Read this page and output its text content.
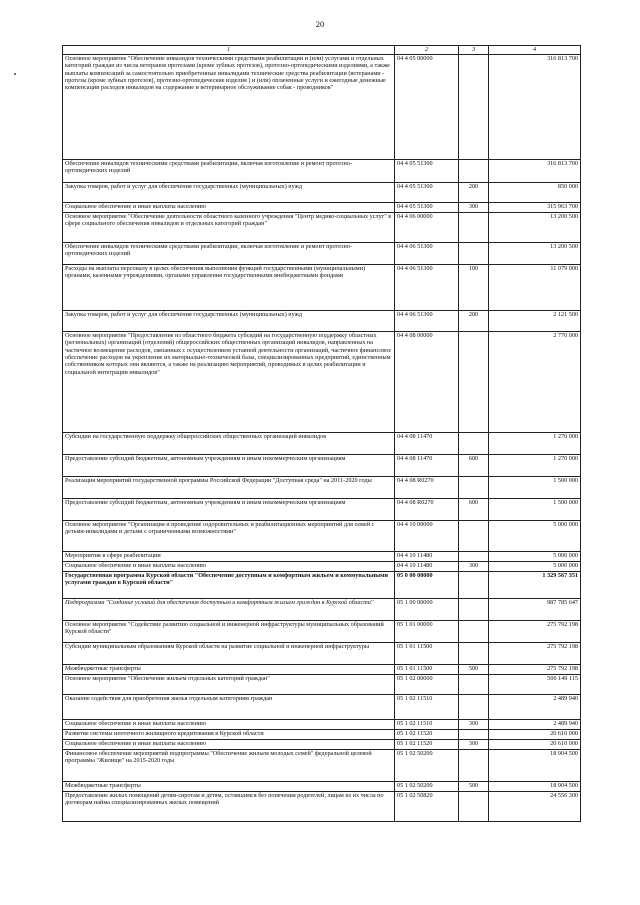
20
1	2	3	4
Основное мероприятие "Обеспечение инвалидов техническими средствами реабилитации и (или) услугами и отдельных категорий граждан из числа ветеранов протезами (кроме зубных протезов), протезно-ортопедическими изделиями, а также выплаты компенсаций за самостоятельно приобретенные инвалидами технические средства реабилитации (ветеранами - протезы (кроме зубных протезов), протезно-ортопедические изделия ) и (или) оплаченные услуги и ежегодные денежные компенсации расходов инвалидов на содержание и ветеринарное обслуживание собак - проводников"	04 4 05 00000		316 813 700
Обеспечение инвалидов техническими средствами реабилитации, включая изготовление и ремонт протезно-ортопедических изделий	04 4 05 51300		316 813 700
Закупка товаров, работ и услуг для обеспечения государственных (муниципальных) нужд	04 4 05 51300	200	850 000
Социальное обеспечение и иные выплаты населению	04 4 05 51300	300	315 963 700
Основное мероприятие "Обеспечение деятельности областного казенного учреждения "Центр медико-социальных услуг" в сфере социального обеспечения инвалидов и отдельных категорий граждан"	04 4 06 00000		13 200 500
Обеспечение инвалидов техническими средствами реабилитации, включая изготовление и ремонт протезно-ортопедических изделий	04 4 06 51300		13 200 500
Расходы на выплаты персоналу в целях обеспечения выполнения функций государственными (муниципальными) органами, казенными учреждениями, органами управления государственными внебюджетными фондами	04 4 06 51300	100	11 079 000
Закупка товаров, работ и услуг для обеспечения государственных (муниципальных) нужд	04 4 06 51300	200	2 121 500
Основное мероприятие "Предоставление из областного бюджета субсидий на государственную поддержку областных (региональных) организаций (отделений) общероссийских общественных организаций инвалидов, направленных на частичное возмещение расходов, связанных с осуществлением уставной деятельности организаций, частичное финансовое обеспечение расходов на укрепление их материально-технической базы, специализированных предприятий, единственным собственником которых они являются, а также на реализацию мероприятий, проводимых в целях реабилитации и социальной интеграции инвалидов"	04 4 08 00000		2 770 000
Субсидии на государственную поддержку общероссийских общественных организаций инвалидов	04 4 08 11470		1 270 000
Предоставление субсидий бюджетным, автономным учреждениям и иным некоммерческим организациям	04 4 08 11470	600	1 270 000
Реализация мероприятий государственной программы Российской Федерации "Доступная среда" на 2011-2020 годы	04 4 08 R0270		1 500 000
Предоставление субсидий бюджетным, автономным учреждениям и иным некоммерческим организациям	04 4 08 R0270	600	1 500 000
Основное мероприятие "Организация и проведение оздоровительных и реабилитационных мероприятий для семей с детьми-инвалидами и детьми с ограниченными возможностями"	04 4 10 00000		5 000 000
Мероприятия в сфере реабилитации	04 4 10 11480		5 000 000
Социальное обеспечение и иные выплаты населению	04 4 10 11480	300	5 000 000
Государственная программа Курской области "Обеспечение доступным и комфортным жильем и коммунальными услугами граждан в Курской области"	05 0 00 00000		1 329 567 351
Подпрограмма "Создание условий для обеспечения доступным и комфортным жильем граждан в Курской области"	05 1 00 00000		987 785 647
Основное мероприятие "Содействие развитию социальной и инженерной инфраструктуры муниципальных образований Курской области"	05 1 01 00000		275 792 198
Субсидии муниципальным образованиям Курской области на развитие социальной и инженерной инфраструктуры	05 1 01 11500		275 792 198
Межбюджетные трансферты	05 1 01 11500	500	275 792 198
Основное мероприятие "Обеспечение жильем отдельных категорий граждан"	05 1 02 00000		500 149 115
Оказание содействия для приобретения жилья отдельным категориям граждан	05 1 02 11510		2 489 940
Социальное обеспечение и иные выплаты населению	05 1 02 11510	300	2 489 940
Развитие системы ипотечного жилищного кредитования в Курской области	05 1 02 11520		20 610 000
Социальное обеспечение и иные выплаты населению	05 1 02 11520	300	20 610 000
Финансовое обеспечение мероприятий подпрограммы "Обеспечение жильем молодых семей" федеральной целевой программы "Жилище" на 2015-2020 годы	05 1 02 50200		18 904 500
Межбюджетные трансферты	05 1 02 50200	500	18 904 500
Предоставление жилых помещений детям-сиротам и детям, оставшимся без попечения родителей, лицам из их числа по договорам найма специализированных жилых помещений	05 1 02 50820		24 556 300
